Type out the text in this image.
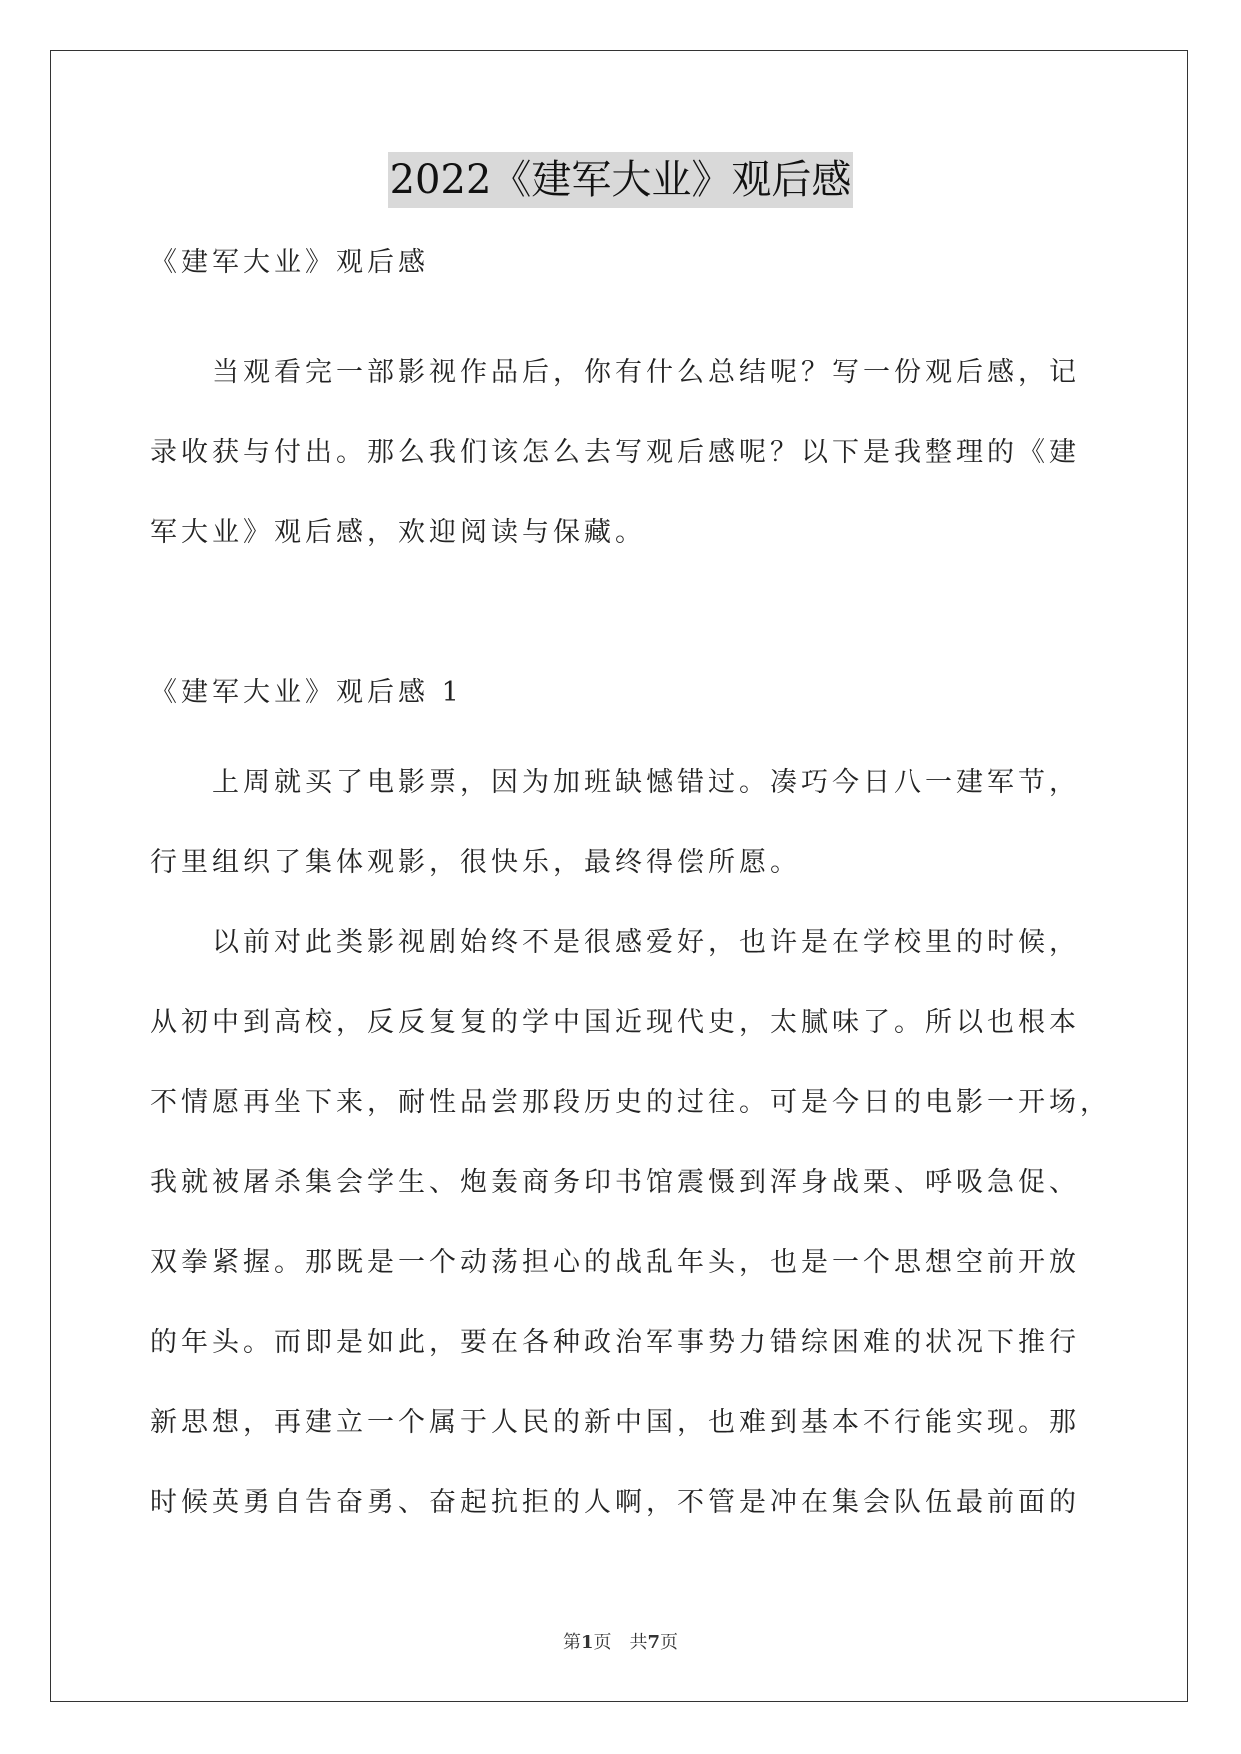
2022《建军大业》观后感
《建军大业》观后感
　　当观看完一部影视作品后，你有什么总结呢？写一份观后感，记
录收获与付出。那么我们该怎么去写观后感呢？以下是我整理的《建
军大业》观后感，欢迎阅读与保藏。
《建军大业》观后感 1
　　上周就买了电影票，因为加班缺憾错过。凑巧今日八一建军节，
行里组织了集体观影，很快乐，最终得偿所愿。
　　以前对此类影视剧始终不是很感爱好，也许是在学校里的时候，
从初中到高校，反反复复的学中国近现代史，太腻味了。所以也根本
不情愿再坐下来，耐性品尝那段历史的过往。可是今日的电影一开场，
我就被屠杀集会学生、炮轰商务印书馆震慑到浑身战栗、呼吸急促、
双拳紧握。那既是一个动荡担心的战乱年头，也是一个思想空前开放
的年头。而即是如此，要在各种政治军事势力错综困难的状况下推行
新思想，再建立一个属于人民的新中国，也难到基本不行能实现。那
时候英勇自告奋勇、奋起抗拒的人啊，不管是冲在集会队伍最前面的
第1页　共7页
